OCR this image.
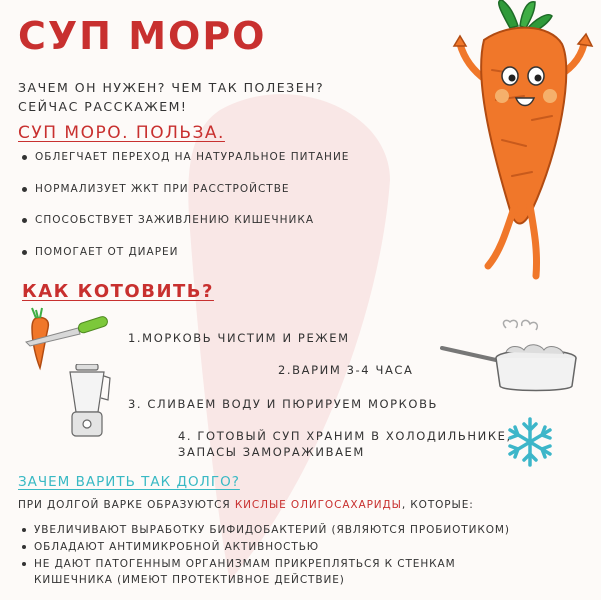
СУП МОРО
ЗАЧЕМ ОН НУЖЕН? ЧЕМ ТАК ПОЛЕЗЕН?
СЕЙЧАС РАССКАЖЕМ!
СУП МОРО. ПОЛЬЗА.
ОБЛЕГЧАЕТ ПЕРЕХОД НА НАТУРАЛЬНОЕ ПИТАНИЕ
НОРМАЛИЗУЕТ ЖКТ ПРИ РАССТРОЙСТВЕ
СПОСОБСТВУЕТ ЗАЖИВЛЕНИЮ КИШЕЧНИКА
ПОМОГАЕТ ОТ ДИАРЕИ
КАК КОТОВИТЬ?
1.МОРКОВЬ ЧИСТИМ И РЕЖЕМ
2.ВАРИМ 3-4 ЧАСА
3. СЛИВАЕМ ВОДУ И ПЮРИРУЕМ МОРКОВЬ
4. ГОТОВЫЙ СУП ХРАНИМ В ХОЛОДИЛЬНИКЕ,
ЗАПАСЫ ЗАМОРАЖИВАЕМ
ЗАЧЕМ ВАРИТЬ ТАК ДОЛГО?
ПРИ ДОЛГОЙ ВАРКЕ ОБРАЗУЮТСЯ КИСЛЫЕ ОЛИГОСАХАРИДЫ, КОТОРЫЕ:
УВЕЛИЧИВАЮТ ВЫРАБОТКУ БИФИДОБАКТЕРИЙ (ЯВЛЯЮТСЯ ПРОБИОТИКОМ)
ОБЛАДАЮТ АНТИМИКРОБНОЙ АКТИВНОСТЬЮ
НЕ ДАЮТ ПАТОГЕННЫМ ОРГАНИЗМАМ ПРИКРЕПЛЯТЬСЯ К СТЕНКАМ
КИШЕЧНИКА (ИМЕЮТ ПРОТЕКТИВНОЕ ДЕЙСТВИЕ)
